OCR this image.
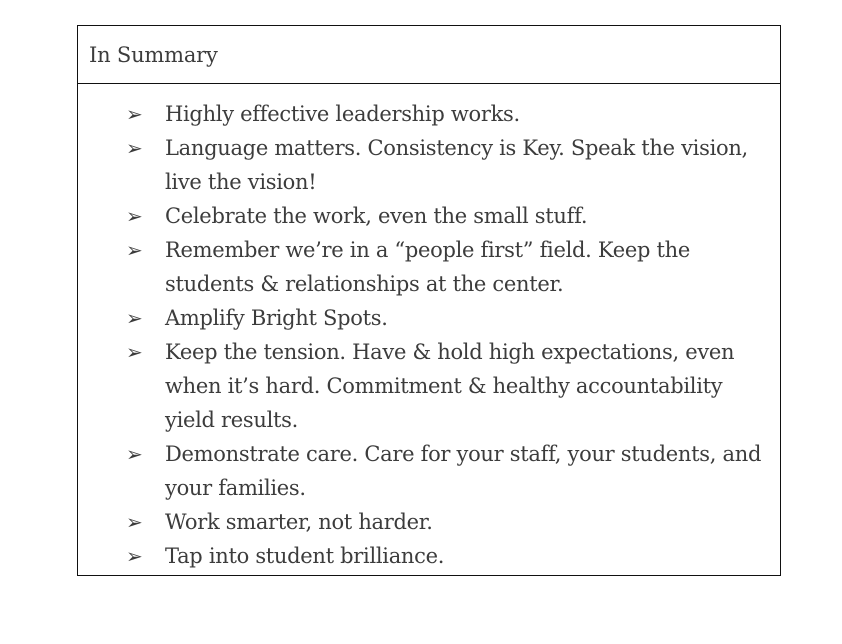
In Summary
➢ Highly effective leadership works.
➢ Language matters. Consistency is Key. Speak the vision, live the vision!
➢ Celebrate the work, even the small stuff.
➢ Remember we’re in a “people first” field. Keep the students & relationships at the center.
➢ Amplify Bright Spots.
➢ Keep the tension. Have & hold high expectations, even when it’s hard. Commitment & healthy accountability yield results.
➢ Demonstrate care. Care for your staff, your students, and your families.
➢ Work smarter, not harder.
➢ Tap into student brilliance.
